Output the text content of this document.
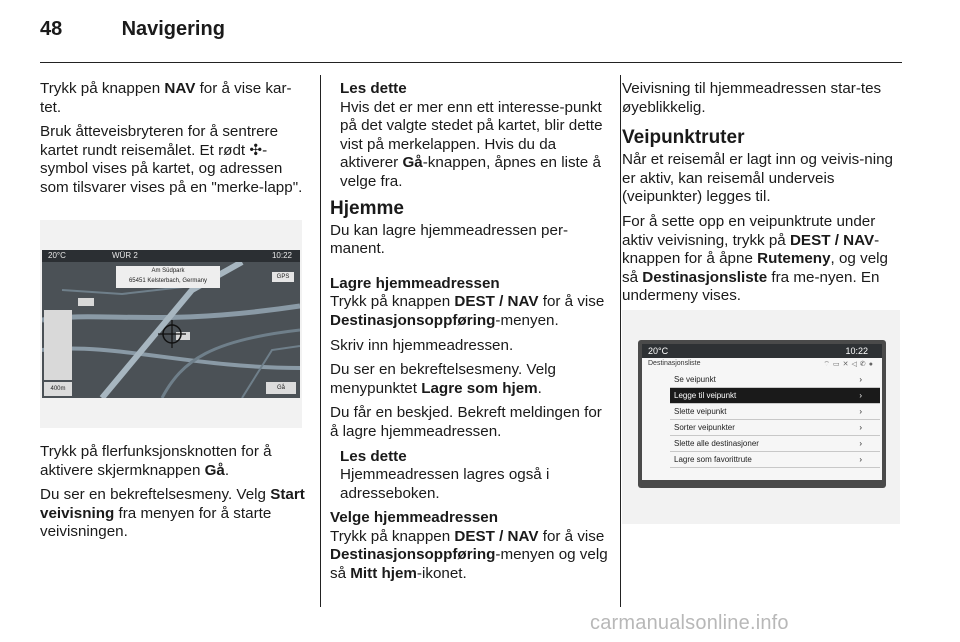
48	Navigering

Trykk på knappen NAV for å vise kar-tet.

Bruk åtteveisbryteren for å sentrere kartet rundt reisemålet. Et rødt ✣-symbol vises på kartet, og adressen som tilsvarer vises på en "merke-lapp".

20°C	WÜR 2	10:22
Am Südpark
65451 Kelsterbach, Germany
GPS
400m	Gå

Trykk på flerfunksjonsknotten for å aktivere skjermknappen Gå.

Du ser en bekreftelsesmeny. Velg Start veivisning fra menyen for å starte veivisningen.

Les dette

Hvis det er mer enn ett interesse-punkt på det valgte stedet på kartet, blir dette vist på merkelappen. Hvis du da aktiverer Gå-knappen, åpnes en liste å velge fra.

Hjemme

Du kan lagre hjemmeadressen per-manent.

Lagre hjemmeadressen

Trykk på knappen DEST / NAV for å vise Destinasjonsoppføring-menyen.

Skriv inn hjemmeadressen.

Du ser en bekreftelsesmeny. Velg menypunktet Lagre som hjem.

Du får en beskjed. Bekreft meldingen for å lagre hjemmeadressen.

Les dette

Hjemmeadressen lagres også i adresseboken.

Velge hjemmeadressen

Trykk på knappen DEST / NAV for å vise Destinasjonsoppføring-menyen og velg så Mitt hjem-ikonet.

Veivisning til hjemmeadressen star-tes øyeblikkelig.

Veipunktruter

Når et reisemål er lagt inn og veivis-ning er aktiv, kan reisemål underveis (veipunkter) legges til.

For å sette opp en veipunktrute under aktiv veivisning, trykk på DEST / NAV-knappen for å åpne Rutemeny, og velg så Destinasjonsliste fra me-nyen. En undermeny vises.

20°C	10:22
Destinasjonsliste	⌔▭✕◁✆●
Se veipunkt	›
Legge til veipunkt	›
Slette veipunkt	›
Sorter veipunkter	›
Slette alle destinasjoner	›
Lagre som favorittrute	›
carmanualsonline.info
